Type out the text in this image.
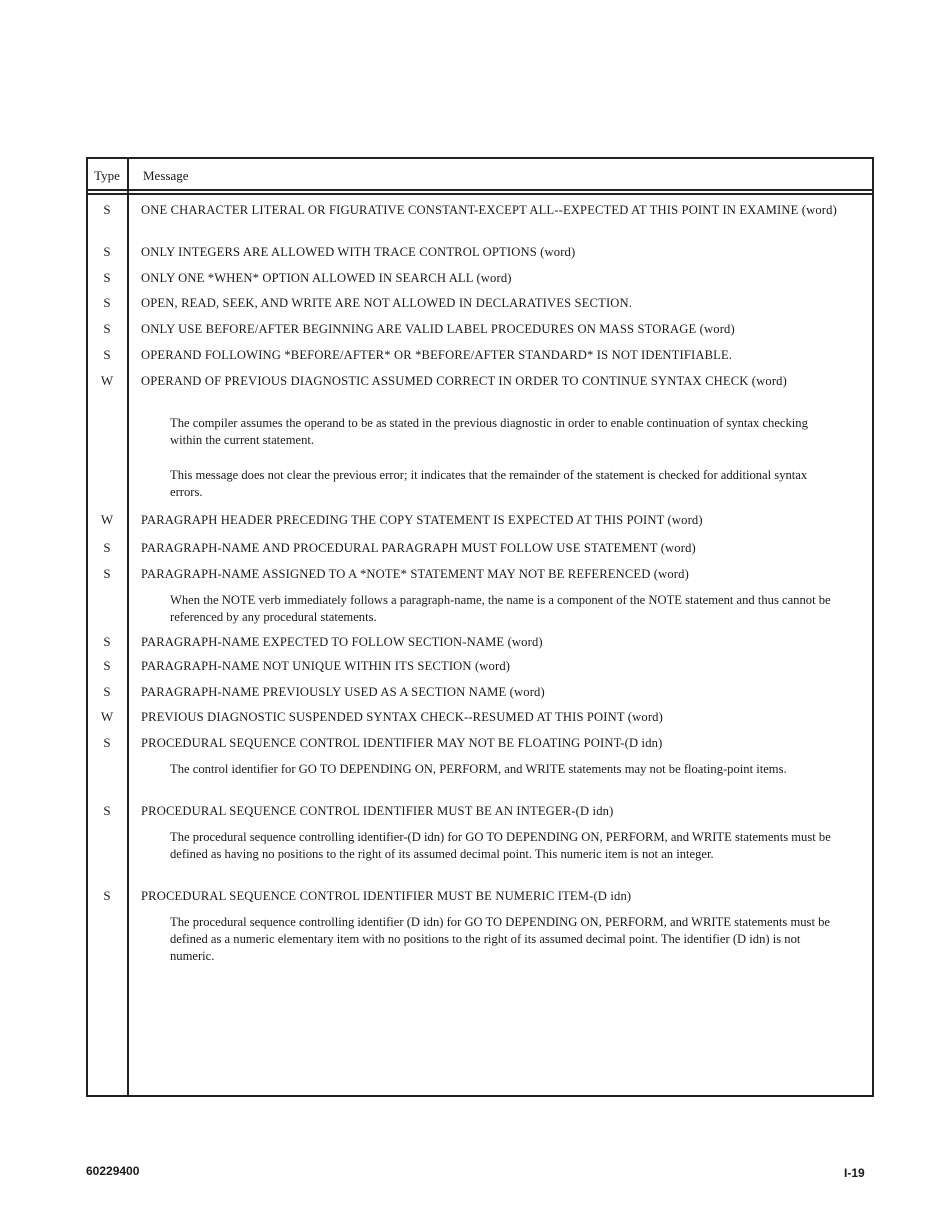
Type	Message
S	ONE CHARACTER LITERAL OR FIGURATIVE CONSTANT-EXCEPT ALL--EXPECTED AT THIS POINT IN EXAMINE (word)
S	ONLY INTEGERS ARE ALLOWED WITH TRACE CONTROL OPTIONS (word)
S	ONLY ONE *WHEN* OPTION ALLOWED IN SEARCH ALL (word)
S	OPEN, READ, SEEK, AND WRITE ARE NOT ALLOWED IN DECLARATIVES SECTION.
S	ONLY USE BEFORE/AFTER BEGINNING ARE VALID LABEL PROCEDURES ON MASS STORAGE (word)
S	OPERAND FOLLOWING *BEFORE/AFTER* OR *BEFORE/AFTER STANDARD* IS NOT IDENTIFIABLE.
W	OPERAND OF PREVIOUS DIAGNOSTIC ASSUMED CORRECT IN ORDER TO CONTINUE SYNTAX CHECK (word)
The compiler assumes the operand to be as stated in the previous diagnostic in order to enable continuation of syntax checking within the current statement.
This message does not clear the previous error; it indicates that the remainder of the statement is checked for additional syntax errors.
W	PARAGRAPH HEADER PRECEDING THE COPY STATEMENT IS EXPECTED AT THIS POINT (word)
S	PARAGRAPH-NAME AND PROCEDURAL PARAGRAPH MUST FOLLOW USE STATEMENT (word)
S	PARAGRAPH-NAME ASSIGNED TO A *NOTE* STATEMENT MAY NOT BE REFERENCED (word)
When the NOTE verb immediately follows a paragraph-name, the name is a component of the NOTE statement and thus cannot be referenced by any procedural statements.
S	PARAGRAPH-NAME EXPECTED TO FOLLOW SECTION-NAME (word)
S	PARAGRAPH-NAME NOT UNIQUE WITHIN ITS SECTION (word)
S	PARAGRAPH-NAME PREVIOUSLY USED AS A SECTION NAME (word)
W	PREVIOUS DIAGNOSTIC SUSPENDED SYNTAX CHECK--RESUMED AT THIS POINT (word)
S	PROCEDURAL SEQUENCE CONTROL IDENTIFIER MAY NOT BE FLOATING POINT-(D idn)
The control identifier for GO TO DEPENDING ON, PERFORM, and WRITE statements may not be floating-point items.
S	PROCEDURAL SEQUENCE CONTROL IDENTIFIER MUST BE AN INTEGER-(D idn)
The procedural sequence controlling identifier-(D idn) for GO TO DEPENDING ON, PERFORM, and WRITE statements must be defined as having no positions to the right of its assumed decimal point. This numeric item is not an integer.
S	PROCEDURAL SEQUENCE CONTROL IDENTIFIER MUST BE NUMERIC ITEM-(D idn)
The procedural sequence controlling identifier (D idn) for GO TO DEPENDING ON, PERFORM, and WRITE statements must be defined as a numeric elementary item with no positions to the right of its assumed decimal point. The identifier (D idn) is not numeric.
60229400	I-19
